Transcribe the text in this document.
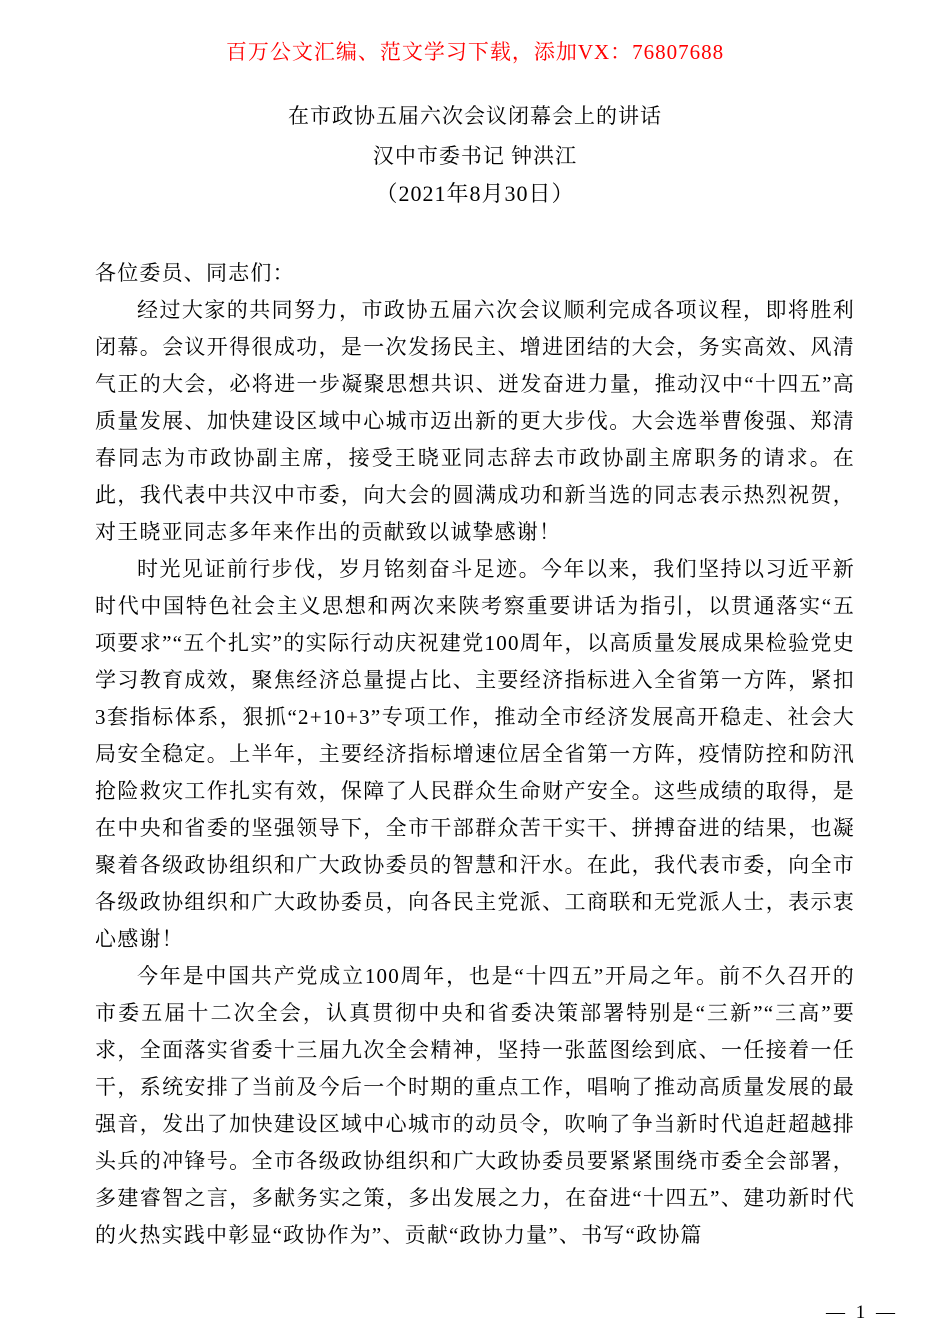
百万公文汇编、范文学习下载，添加VX：76807688
在市政协五届六次会议闭幕会上的讲话
汉中市委书记 钟洪江
（2021年8月30日）

各位委员、同志们：

经过大家的共同努力，市政协五届六次会议顺利完成各项议程，即将胜利闭幕。会议开得很成功，是一次发扬民主、增进团结的大会，务实高效、风清气正的大会，必将进一步凝聚思想共识、迸发奋进力量，推动汉中“十四五”高质量发展、加快建设区域中心城市迈出新的更大步伐。大会选举曹俊强、郑清春同志为市政协副主席，接受王晓亚同志辞去市政协副主席职务的请求。在此，我代表中共汉中市委，向大会的圆满成功和新当选的同志表示热烈祝贺，对王晓亚同志多年来作出的贡献致以诚挚感谢！

时光见证前行步伐，岁月铭刻奋斗足迹。今年以来，我们坚持以习近平新时代中国特色社会主义思想和两次来陕考察重要讲话为指引，以贯通落实“五项要求”“五个扎实”的实际行动庆祝建党100周年，以高质量发展成果检验党史学习教育成效，聚焦经济总量提占比、主要经济指标进入全省第一方阵，紧扣3套指标体系，狠抓“2+10+3”专项工作，推动全市经济发展高开稳走、社会大局安全稳定。上半年，主要经济指标增速位居全省第一方阵，疫情防控和防汛抢险救灾工作扎实有效，保障了人民群众生命财产安全。这些成绩的取得，是在中央和省委的坚强领导下，全市干部群众苦干实干、拼搏奋进的结果，也凝聚着各级政协组织和广大政协委员的智慧和汗水。在此，我代表市委，向全市各级政协组织和广大政协委员，向各民主党派、工商联和无党派人士，表示衷心感谢！

今年是中国共产党成立100周年，也是“十四五”开局之年。前不久召开的市委五届十二次全会，认真贯彻中央和省委决策部署特别是“三新”“三高”要求，全面落实省委十三届九次全会精神，坚持一张蓝图绘到底、一任接着一任干，系统安排了当前及今后一个时期的重点工作，唱响了推动高质量发展的最强音，发出了加快建设区域中心城市的动员令，吹响了争当新时代追赶超越排头兵的冲锋号。全市各级政协组织和广大政协委员要紧紧围绕市委全会部署，多建睿智之言，多献务实之策，多出发展之力，在奋进“十四五”、建功新时代的火热实践中彰显“政协作为”、贡献“政协力量”、书写“政协篇

— 1 —
